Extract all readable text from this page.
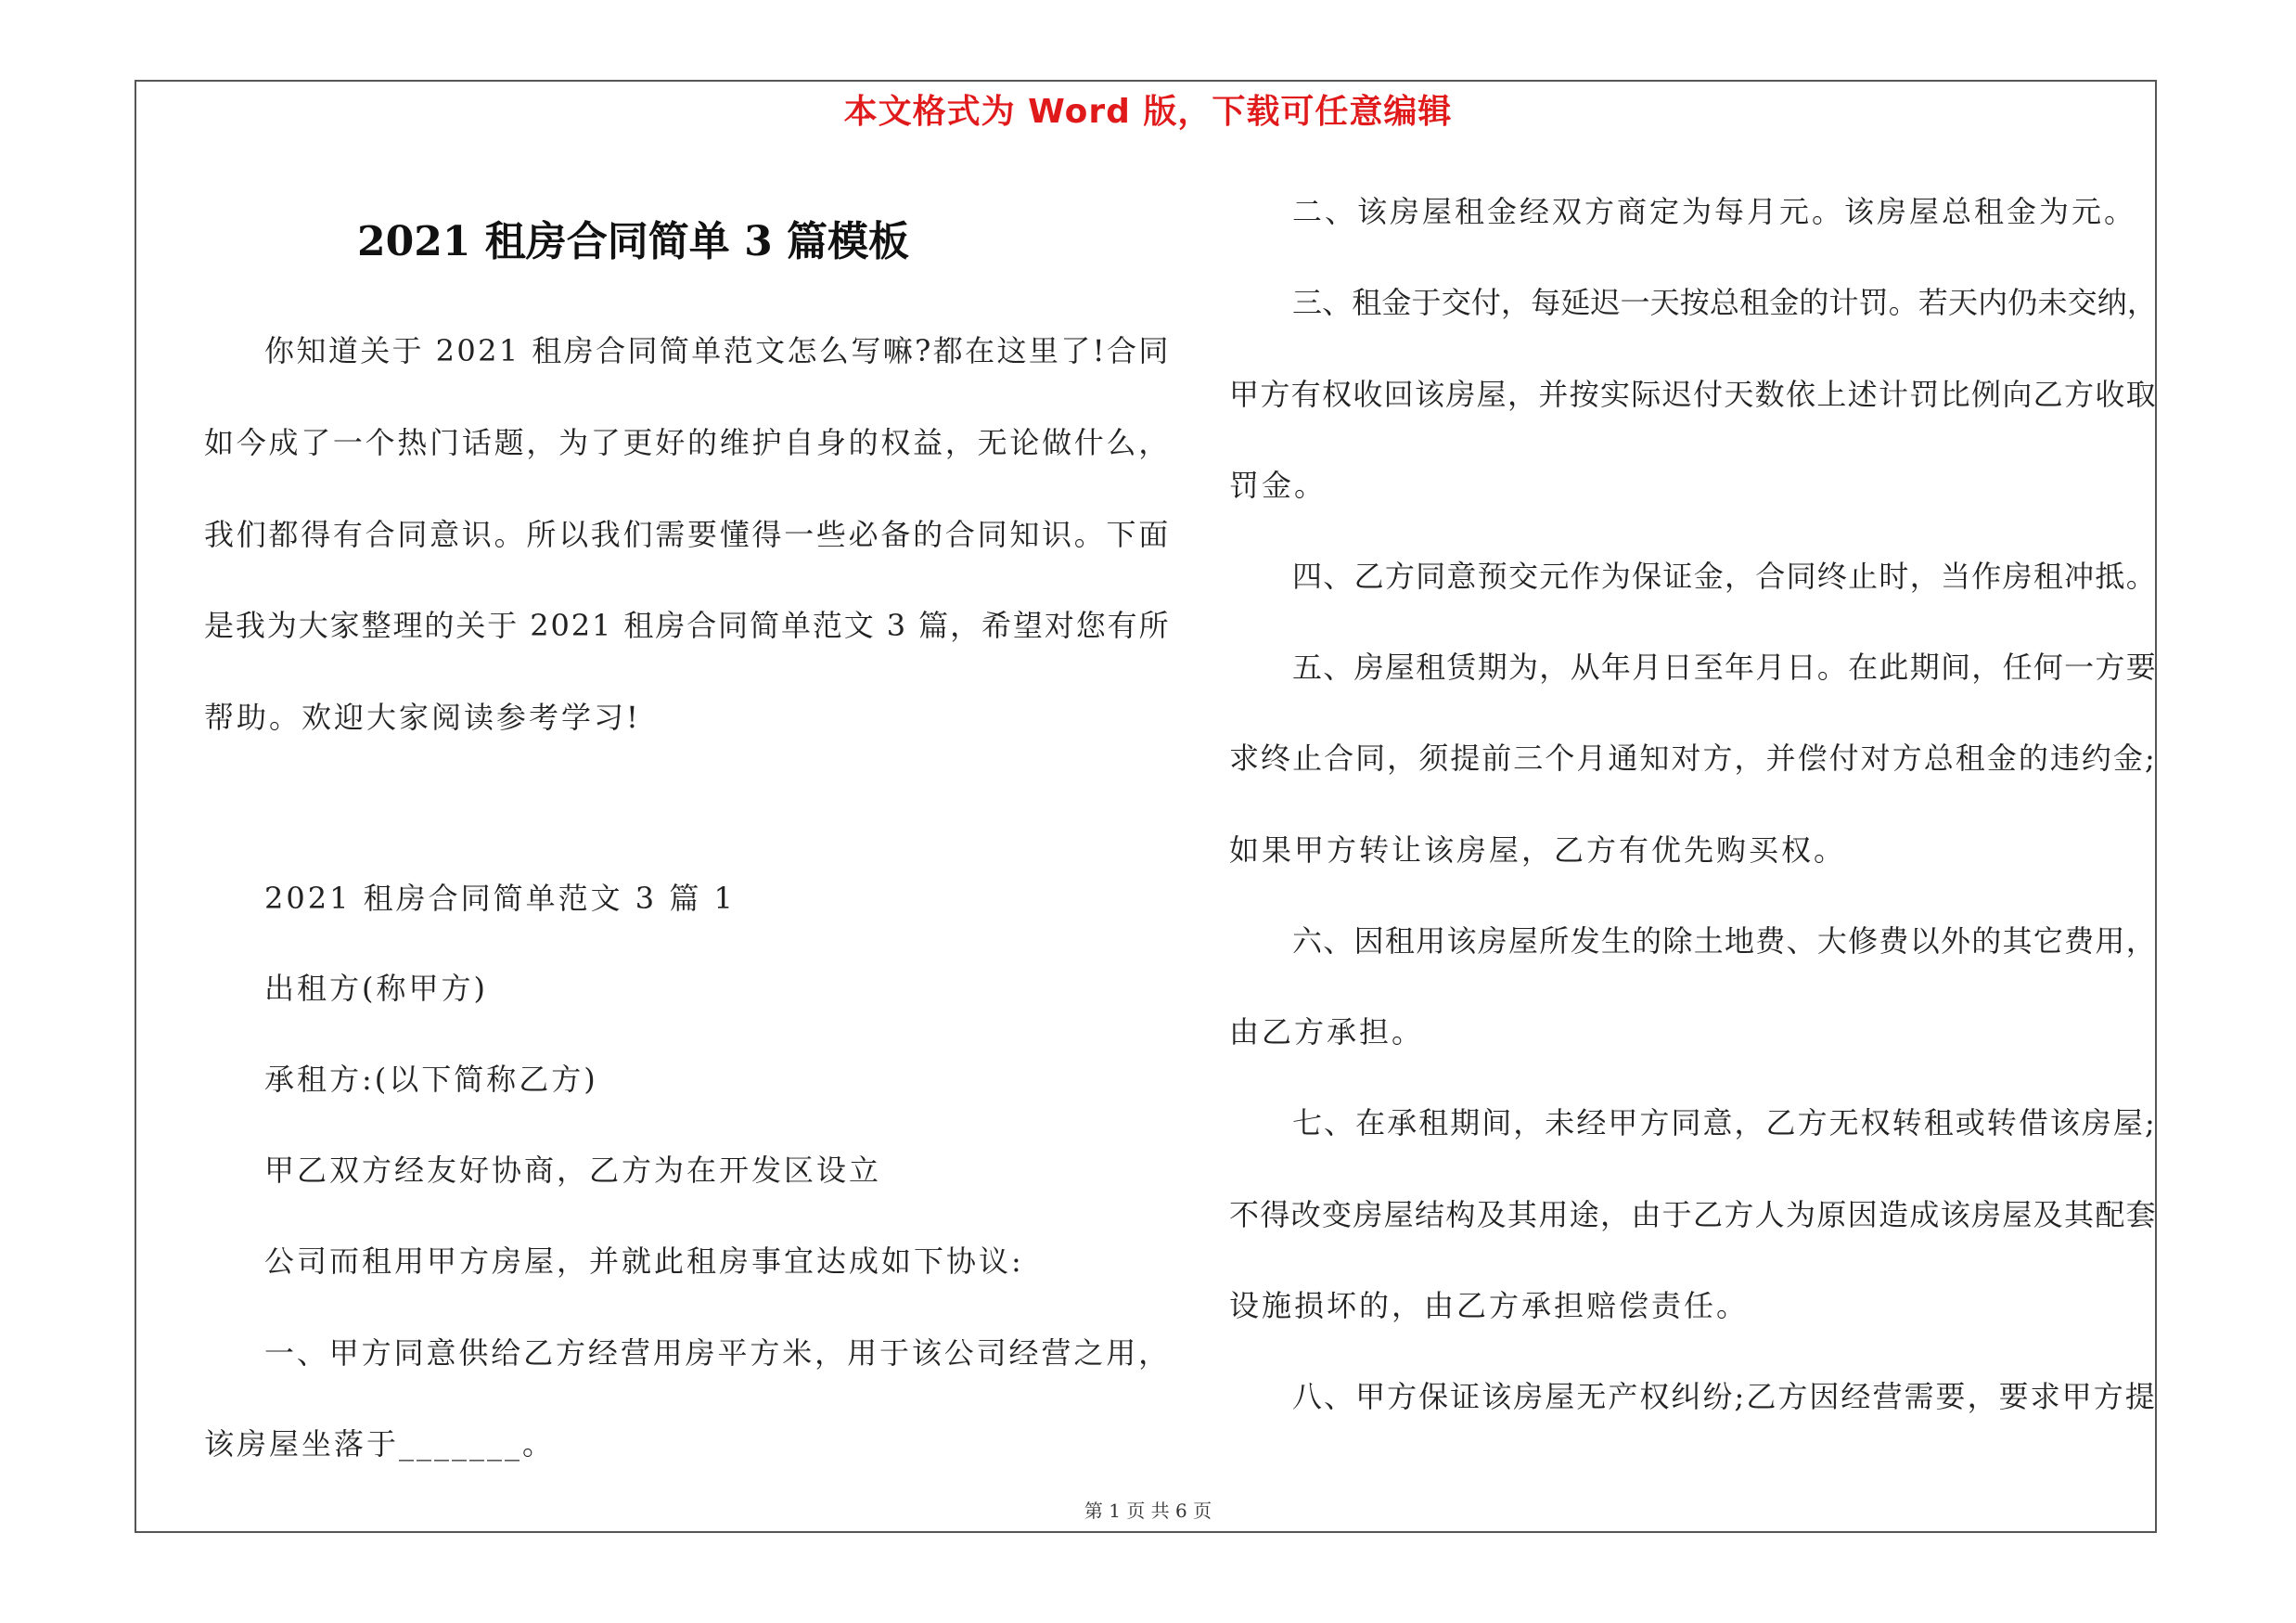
本文格式为 Word 版，下载可任意编辑
2021 租房合同简单 3 篇模板
你知道关于 2021 租房合同简单范文怎么写嘛?都在这里了!合同
如今成了一个热门话题，为了更好的维护自身的权益，无论做什么，
我们都得有合同意识。所以我们需要懂得一些必备的合同知识。下面
是我为大家整理的关于 2021 租房合同简单范文 3 篇，希望对您有所
帮助。欢迎大家阅读参考学习!
2021 租房合同简单范文 3 篇 1
出租方(称甲方)
承租方:(以下简称乙方)
甲乙双方经友好协商，乙方为在开发区设立
公司而租用甲方房屋，并就此租房事宜达成如下协议:
一、甲方同意供给乙方经营用房平方米，用于该公司经营之用，
该房屋坐落于_______。
二、该房屋租金经双方商定为每月元。该房屋总租金为元。
三、租金于交付，每延迟一天按总租金的计罚。若天内仍未交纳，
甲方有权收回该房屋，并按实际迟付天数依上述计罚比例向乙方收取
罚金。
四、乙方同意预交元作为保证金，合同终止时，当作房租冲抵。
五、房屋租赁期为，从年月日至年月日。在此期间，任何一方要
求终止合同，须提前三个月通知对方，并偿付对方总租金的违约金;
如果甲方转让该房屋，乙方有优先购买权。
六、因租用该房屋所发生的除土地费、大修费以外的其它费用，
由乙方承担。
七、在承租期间，未经甲方同意，乙方无权转租或转借该房屋;
不得改变房屋结构及其用途，由于乙方人为原因造成该房屋及其配套
设施损坏的，由乙方承担赔偿责任。
八、甲方保证该房屋无产权纠纷;乙方因经营需要，要求甲方提
第 1 页 共 6 页
